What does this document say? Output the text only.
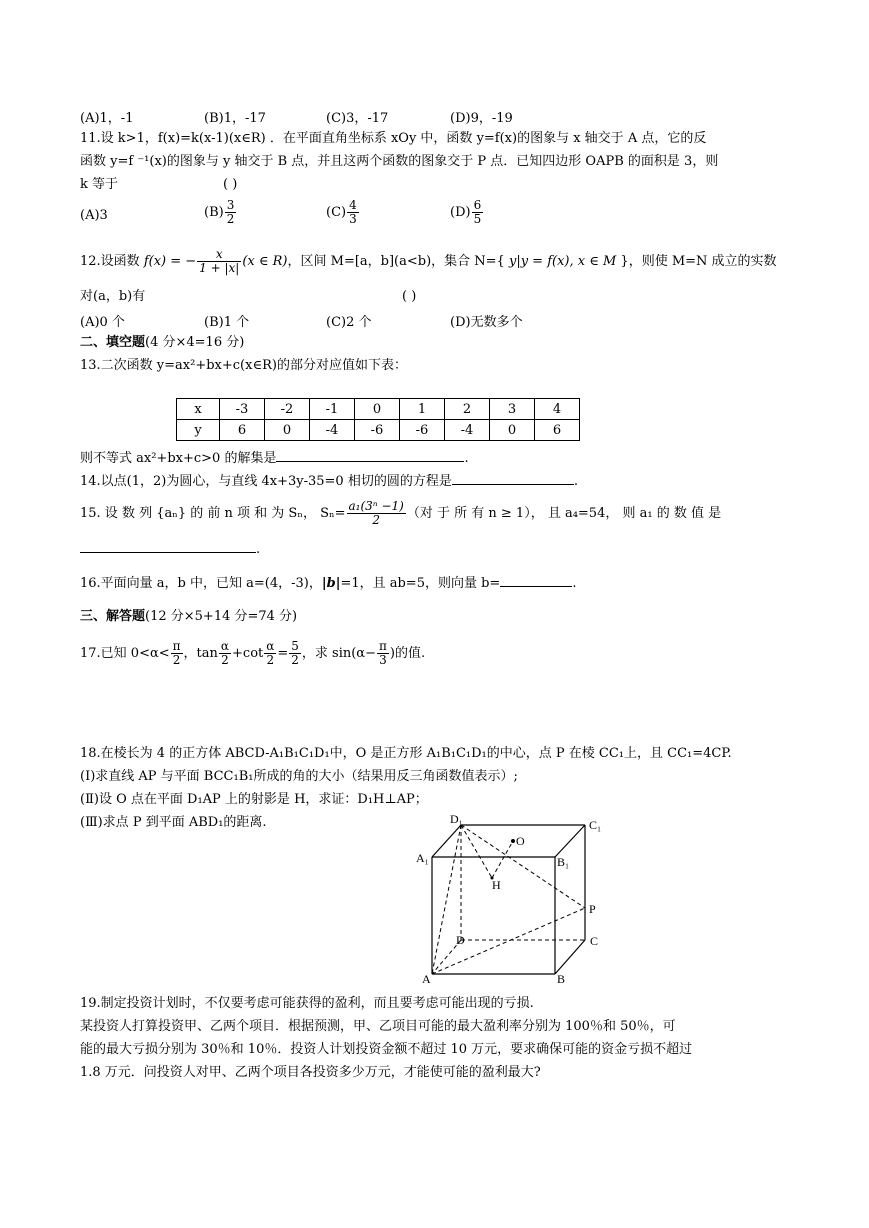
(A)1，-1	(B)1，-17	(C)3，-17	(D)9，-19
11.设 k>1，f(x)=k(x-1)(x∈R) ．在平面直角坐标系 xOy 中，函数 y=f(x)的图象与 x 轴交于 A 点，它的反
函数 y=f ⁻¹(x)的图象与 y 轴交于 B 点，并且这两个函数的图象交于 P 点．已知四边形 OAPB 的面积是 3，则
k 等于	( )
(A)3	$(B) \frac{3}{2}$	$(C) \frac{4}{3}$	$(D) \frac{6}{5}$
12.设函数 f(x) = − $\frac{x}{1 + |x|} (x$ ∈ R)，区间 M=[a，b](a<b)，集合 N={ y|y = f(x), x ∈ M }，则使 M=N 成立的实数
对(a，b)有	( )
(A)0 个	(B)1 个	(C)2 个	(D)无数多个
二、填空题(4 分×4=16 分)
13.二次函数 y=ax²+bx+c(x∈R)的部分对应值如下表：
x	-3	-2	-1	0	1	2	3	4
y	6	0	-4	-6	-6	-4	0	6
则不等式 ax²+bx+c>0 的解集是	.
14.以点(1，2)为圆心，与直线 4x+3y-35=0 相切的圆的方程是	.
15. 设 数 列 {aₙ} 的 前 n 项 和 为 Sₙ， $S_n= \frac{\text{a₁(3ⁿ −1)}}{2}$ （对 于 所 有 n ≥ 1）， 且 a₄=54， 则 a₁ 的 数 值 是
.
16.平面向量 a，b 中，已知 a=(4，-3)，|b|=1，且 ab=5，则向量 b=	.
三、解答题(12 分×5+14 分=74 分)
17.已知 $0<\alpha< \frac{\pi}{2}$ ，$\tan \frac{\alpha}{2} +\cot \frac{\alpha}{2} = \frac{5}{2}$ ，求 $\sin(\alpha- \frac{\pi}{3}$ )的值.
18.在棱长为 4 的正方体 ABCD-A₁B₁C₁D₁中，O 是正方形 A₁B₁C₁D₁的中心，点 P 在棱 CC₁上，且 CC₁=4CP.
(Ⅰ)求直线 AP 与平面 BCC₁B₁所成的角的大小（结果用反三角函数值表示）;
(Ⅱ)设 O 点在平面 D₁AP 上的射影是 H，求证：D₁H⊥AP；
(Ⅲ)求点 P 到平面 ABD₁的距离.	D₁	C₁
A₁	B₁
O
H
P
D	C
A	B
19.制定投资计划时，不仅要考虑可能获得的盈利，而且要考虑可能出现的亏损.
某投资人打算投资甲、乙两个项目．根据预测，甲、乙项目可能的最大盈利率分别为 100％和 50％，可
能的最大亏损分别为 30％和 10％．投资人计划投资金额不超过 10 万元，要求确保可能的资金亏损不超过
1.8 万元．问投资人对甲、乙两个项目各投资多少万元，才能使可能的盈利最大?
